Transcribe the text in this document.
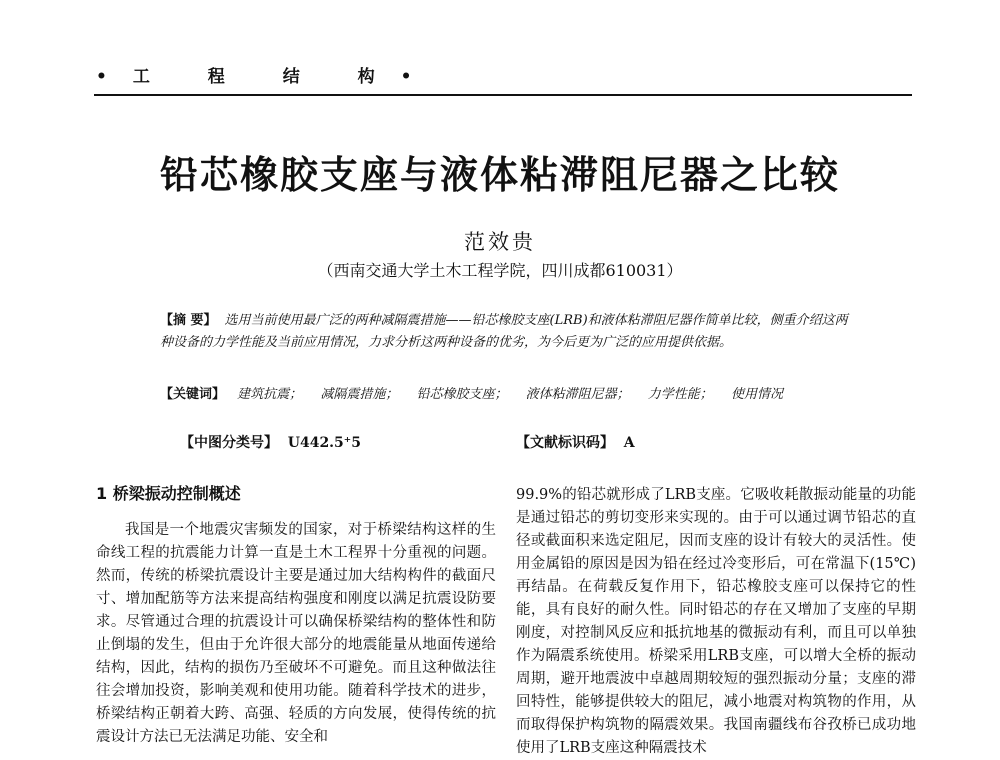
•工 程 结 构•
铅芯橡胶支座与液体粘滞阻尼器之比较
范效贵
（西南交通大学土木工程学院，四川成都610031）
【摘 要】 选用当前使用最广泛的两种减隔震措施——铅芯橡胶支座(LRB)和液体粘滞阻尼器作简单比较，侧重介绍这两种设备的力学性能及当前应用情况，力求分析这两种设备的优劣，为今后更为广泛的应用提供依据。
【关键词】 建筑抗震； 减隔震措施； 铅芯橡胶支座； 液体粘滞阻尼器； 力学性能； 使用情况
【中图分类号】 U442.5⁺5	【文献标识码】 A
1 桥梁振动控制概述

我国是一个地震灾害频发的国家，对于桥梁结构这样的生命线工程的抗震能力计算一直是土木工程界十分重视的问题。然而，传统的桥梁抗震设计主要是通过加大结构构件的截面尺寸、增加配筋等方法来提高结构强度和刚度以满足抗震设防要求。尽管通过合理的抗震设计可以确保桥梁结构的整体性和防止倒塌的发生，但由于允许很大部分的地震能量从地面传递给结构，因此，结构的损伤乃至破坏不可避免。而且这种做法往往会增加投资，影响美观和使用功能。随着科学技术的进步，桥梁结构正朝着大跨、高强、轻质的方向发展，使得传统的抗震设计方法已无法满足功能、安全和

99.9%的铅芯就形成了LRB支座。它吸收耗散振动能量的功能是通过铅芯的剪切变形来实现的。由于可以通过调节铅芯的直径或截面积来选定阻尼，因而支座的设计有较大的灵活性。使用金属铅的原因是因为铅在经过冷变形后，可在常温下(15℃)再结晶。在荷载反复作用下，铅芯橡胶支座可以保持它的性能，具有良好的耐久性。同时铅芯的存在又增加了支座的早期刚度，对控制风反应和抵抗地基的微振动有利，而且可以单独作为隔震系统使用。桥梁采用LRB支座，可以增大全桥的振动周期，避开地震波中卓越周期较短的强烈振动分量；支座的滞回特性，能够提供较大的阻尼，减小地震对构筑物的作用，从而取得保护构筑物的隔震效果。我国南疆线布谷孜桥已成功地使用了LRB支座这种隔震技术
